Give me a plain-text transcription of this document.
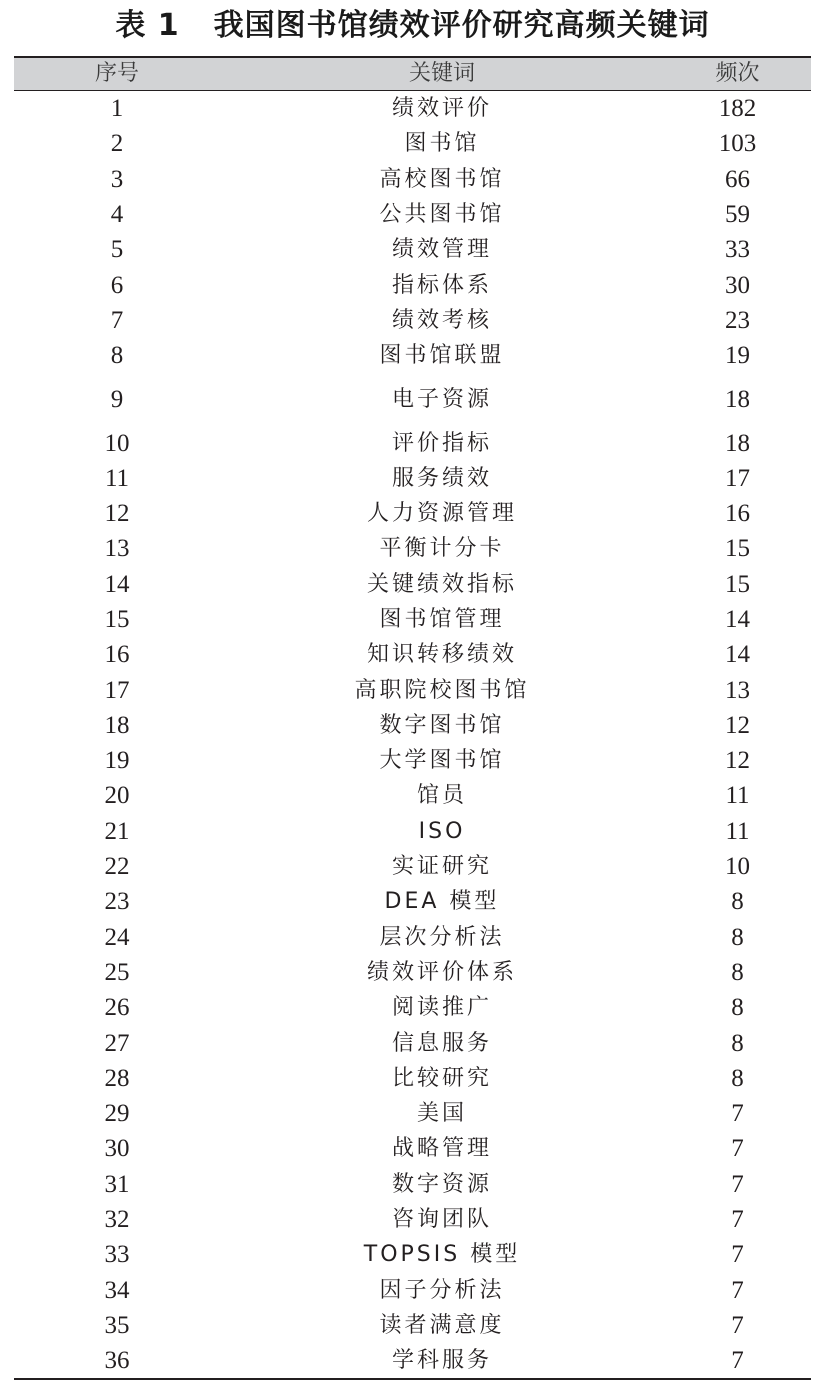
表 1 我国图书馆绩效评价研究高频关键词
序号	关键词	频次
1	绩效评价	182
2	图书馆	103
3	高校图书馆	66
4	公共图书馆	59
5	绩效管理	33
6	指标体系	30
7	绩效考核	23
8	图书馆联盟	19
9	电子资源	18
10	评价指标	18
11	服务绩效	17
12	人力资源管理	16
13	平衡计分卡	15
14	关键绩效指标	15
15	图书馆管理	14
16	知识转移绩效	14
17	高职院校图书馆	13
18	数字图书馆	12
19	大学图书馆	12
20	馆员	11
21	ISO	11
22	实证研究	10
23	DEA 模型	8
24	层次分析法	8
25	绩效评价体系	8
26	阅读推广	8
27	信息服务	8
28	比较研究	8
29	美国	7
30	战略管理	7
31	数字资源	7
32	咨询团队	7
33	TOPSIS 模型	7
34	因子分析法	7
35	读者满意度	7
36	学科服务	7
